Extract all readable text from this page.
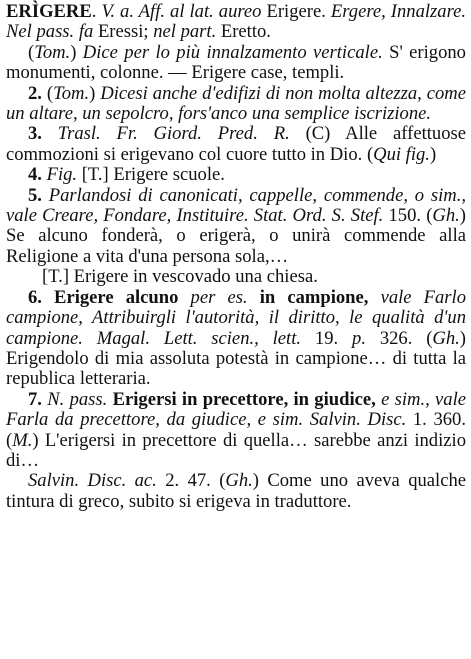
ERÌGERE. V. a. Aff. al lat. aureo Erigere. Ergere, Innalzare. Nel pass. fa Eressi; nel part. Eretto.

(Tom.) Dice per lo più innalzamento verticale. S' erigono monumenti, colonne. — Erigere case, templi.

2. (Tom.) Dicesi anche d'edifizi di non molta altezza, come un altare, un sepolcro, fors'anco una semplice iscrizione.

3. Trasl. Fr. Giord. Pred. R. (C) Alle affettuose commozioni si erigevano col cuore tutto in Dio. (Qui fig.)

4. Fig. [T.] Erigere scuole.

5. Parlandosi di canonicati, cappelle, commende, o sim., vale Creare, Fondare, Instituire. Stat. Ord. S. Stef. 150. (Gh.) Se alcuno fonderà, o erigerà, o unirà commende alla Religione a vita d'una persona sola,…

[T.] Erigere in vescovado una chiesa.

6. Erigere alcuno per es. in campione, vale Farlo campione, Attribuirgli l'autorità, il diritto, le qualità d'un campione. Magal. Lett. scien., lett. 19. p. 326. (Gh.) Erigendolo di mia assoluta potestà in campione… di tutta la republica letteraria.

7. N. pass. Erigersi in precettore, in giudice, e sim., vale Farla da precettore, da giudice, e sim. Salvin. Disc. 1. 360. (M.) L'erigersi in precettore di quella… sarebbe anzi indizio di…

Salvin. Disc. ac. 2. 47. (Gh.) Come uno aveva qualche tintura di greco, subito si erigeva in traduttore.
